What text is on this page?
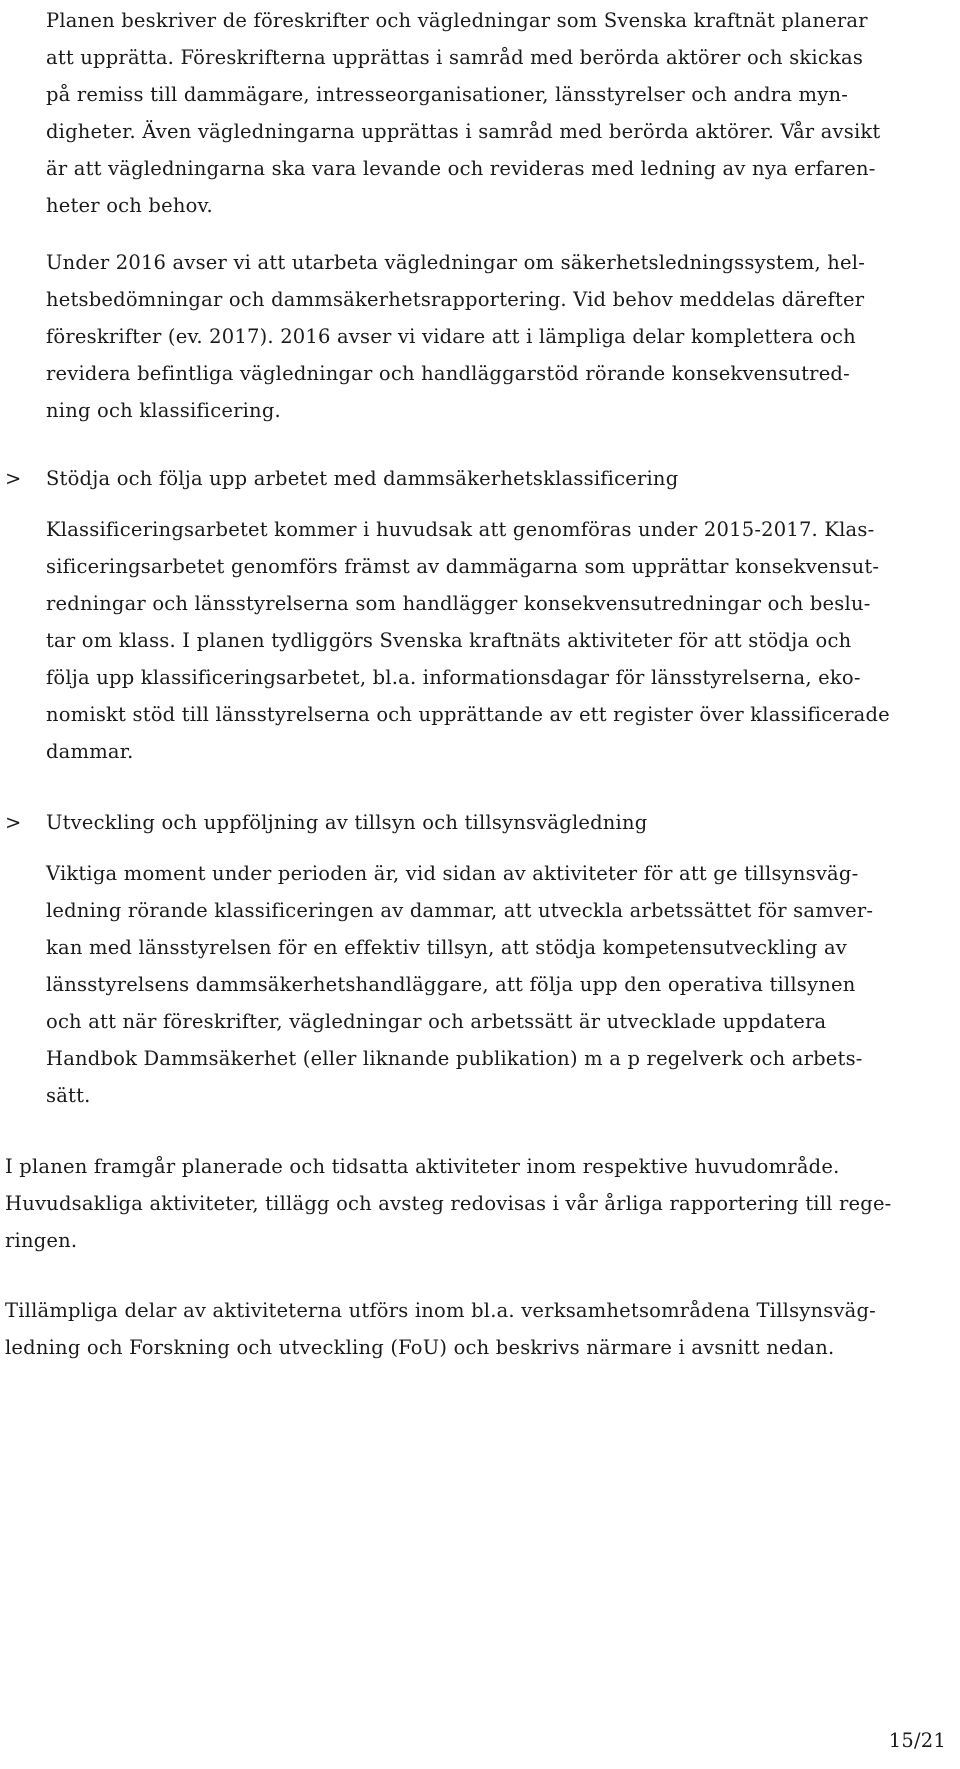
Planen beskriver de föreskrifter och vägledningar som Svenska kraftnät planerar
att upprätta. Föreskrifterna upprättas i samråd med berörda aktörer och skickas
på remiss till dammägare, intresseorganisationer, länsstyrelser och andra myn-
digheter. Även vägledningarna upprättas i samråd med berörda aktörer. Vår avsikt
är att vägledningarna ska vara levande och revideras med ledning av nya erfaren-
heter och behov.
Under 2016 avser vi att utarbeta vägledningar om säkerhetsledningssystem, hel-
hetsbedömningar och dammsäkerhetsrapportering. Vid behov meddelas därefter
föreskrifter (ev. 2017). 2016 avser vi vidare att i lämpliga delar komplettera och
revidera befintliga vägledningar och handläggarstöd rörande konsekvensutred-
ning och klassificering.
> Stödja och följa upp arbetet med dammsäkerhetsklassificering
Klassificeringsarbetet kommer i huvudsak att genomföras under 2015-2017. Klas-
sificeringsarbetet genomförs främst av dammägarna som upprättar konsekvensut-
redningar och länsstyrelserna som handlägger konsekvensutredningar och beslu-
tar om klass. I planen tydliggörs Svenska kraftnäts aktiviteter för att stödja och
följa upp klassificeringsarbetet, bl.a. informationsdagar för länsstyrelserna, eko-
nomiskt stöd till länsstyrelserna och upprättande av ett register över klassificerade
dammar.
> Utveckling och uppföljning av tillsyn och tillsynsvägledning
Viktiga moment under perioden är, vid sidan av aktiviteter för att ge tillsynsväg-
ledning rörande klassificeringen av dammar, att utveckla arbetssättet för samver-
kan med länsstyrelsen för en effektiv tillsyn, att stödja kompetensutveckling av
länsstyrelsens dammsäkerhetshandläggare, att följa upp den operativa tillsynen
och att när föreskrifter, vägledningar och arbetssätt är utvecklade uppdatera
Handbok Dammsäkerhet (eller liknande publikation) m a p regelverk och arbets-
sätt.
I planen framgår planerade och tidsatta aktiviteter inom respektive huvudområde.
Huvudsakliga aktiviteter, tillägg och avsteg redovisas i vår årliga rapportering till rege-
ringen.
Tillämpliga delar av aktiviteterna utförs inom bl.a. verksamhetsområdena Tillsynsväg-
ledning och Forskning och utveckling (FoU) och beskrivs närmare i avsnitt nedan.
15/21
